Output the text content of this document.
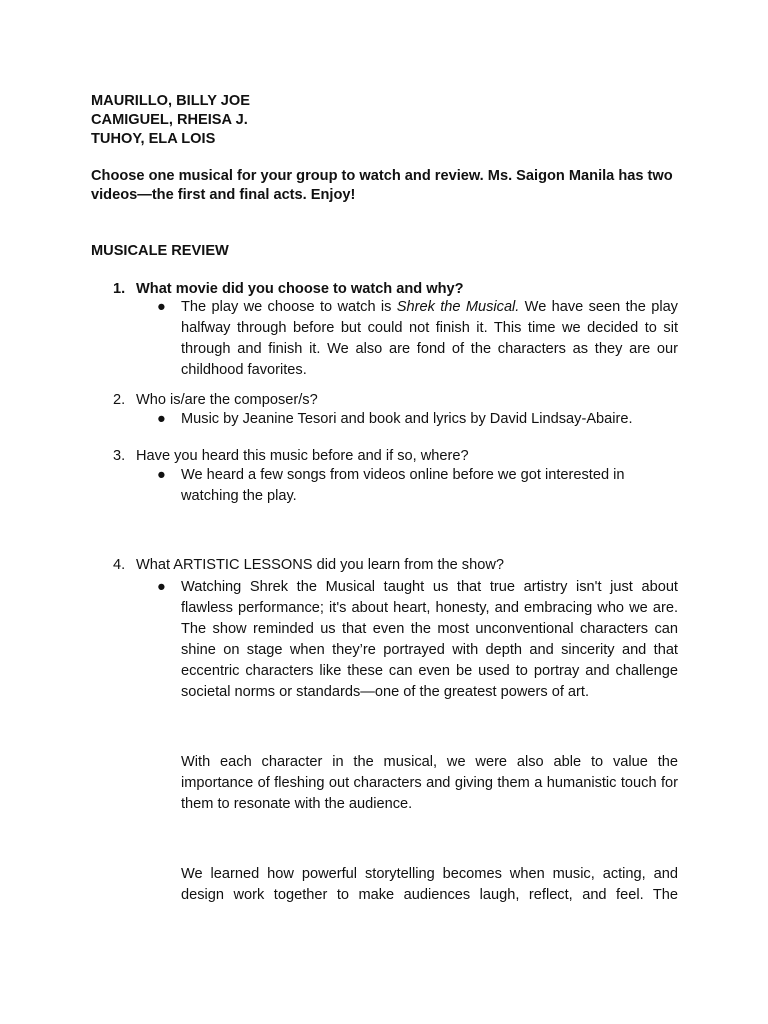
MAURILLO, BILLY JOE
CAMIGUEL, RHEISA J.
TUHOY, ELA LOIS
Choose one musical for your group to watch and review. Ms. Saigon Manila has two videos—the first and final acts. Enjoy!
MUSICALE REVIEW
1. What movie did you choose to watch and why?
● The play we choose to watch is Shrek the Musical. We have seen the play halfway through before but could not finish it. This time we decided to sit through and finish it. We also are fond of the characters as they are our childhood favorites.
2. Who is/are the composer/s?
● Music by Jeanine Tesori and book and lyrics by David Lindsay-Abaire.
3. Have you heard this music before and if so, where?
● We heard a few songs from videos online before we got interested in watching the play.
4. What ARTISTIC LESSONS did you learn from the show?
● Watching Shrek the Musical taught us that true artistry isn't just about flawless performance; it's about heart, honesty, and embracing who we are. The show reminded us that even the most unconventional characters can shine on stage when they’re portrayed with depth and sincerity and that eccentric characters like these can even be used to portray and challenge societal norms or standards—one of the greatest powers of art.
With each character in the musical, we were also able to value the importance of fleshing out characters and giving them a humanistic touch for them to resonate with the audience.
We learned how powerful storytelling becomes when music, acting, and design work together to make audiences laugh, reflect, and feel. The
